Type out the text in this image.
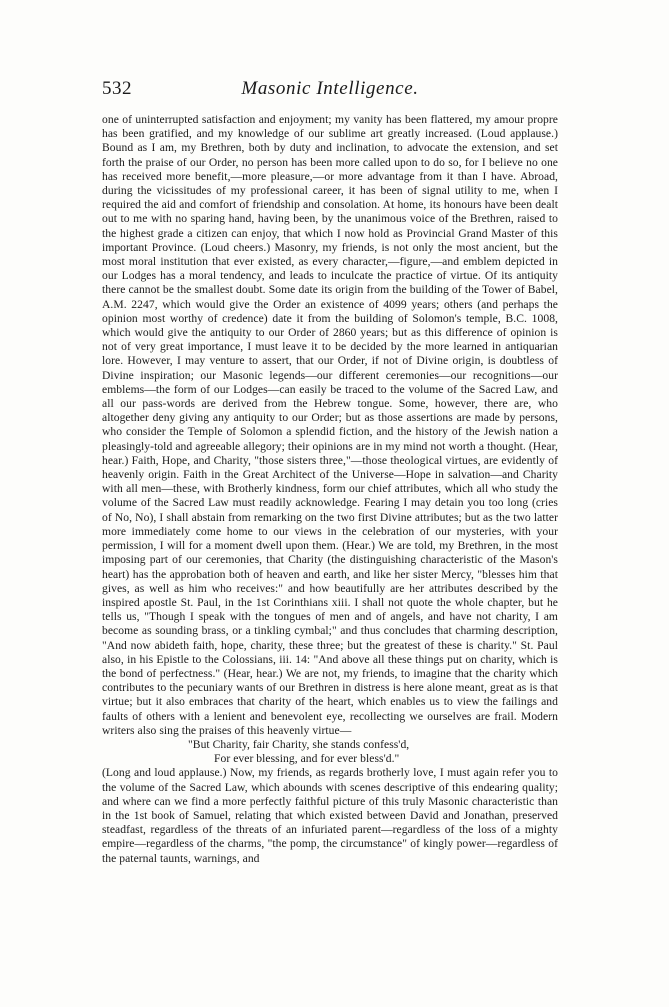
532	Masonic Intelligence.

one of uninterrupted satisfaction and enjoyment; my vanity has been flattered, my amour propre has been gratified, and my knowledge of our sublime art greatly increased. (Loud applause.) Bound as I am, my Brethren, both by duty and inclination, to advocate the extension, and set forth the praise of our Order, no person has been more called upon to do so, for I believe no one has received more benefit,—more pleasure,—or more advantage from it than I have. Abroad, during the vicissitudes of my professional career, it has been of signal utility to me, when I required the aid and comfort of friendship and consolation. At home, its honours have been dealt out to me with no sparing hand, having been, by the unanimous voice of the Brethren, raised to the highest grade a citizen can enjoy, that which I now hold as Provincial Grand Master of this important Province. (Loud cheers.) Masonry, my friends, is not only the most ancient, but the most moral institution that ever existed, as every character,—figure,—and emblem depicted in our Lodges has a moral tendency, and leads to inculcate the practice of virtue. Of its antiquity there cannot be the smallest doubt. Some date its origin from the building of the Tower of Babel, A.M. 2247, which would give the Order an existence of 4099 years; others (and perhaps the opinion most worthy of credence) date it from the building of Solomon's temple, B.C. 1008, which would give the antiquity to our Order of 2860 years; but as this difference of opinion is not of very great importance, I must leave it to be decided by the more learned in antiquarian lore. However, I may venture to assert, that our Order, if not of Divine origin, is doubtless of Divine inspiration; our Masonic legends—our different ceremonies—our recognitions—our emblems—the form of our Lodges—can easily be traced to the volume of the Sacred Law, and all our pass-words are derived from the Hebrew tongue. Some, however, there are, who altogether deny giving any antiquity to our Order; but as those assertions are made by persons, who consider the Temple of Solomon a splendid fiction, and the history of the Jewish nation a pleasingly-told and agreeable allegory; their opinions are in my mind not worth a thought. (Hear, hear.) Faith, Hope, and Charity, "those sisters three,"—those theological virtues, are evidently of heavenly origin. Faith in the Great Architect of the Universe—Hope in salvation—and Charity with all men—these, with Brotherly kindness, form our chief attributes, which all who study the volume of the Sacred Law must readily acknowledge. Fearing I may detain you too long (cries of No, No), I shall abstain from remarking on the two first Divine attributes; but as the two latter more immediately come home to our views in the celebration of our mysteries, with your permission, I will for a moment dwell upon them. (Hear.) We are told, my Brethren, in the most imposing part of our ceremonies, that Charity (the distinguishing characteristic of the Mason's heart) has the approbation both of heaven and earth, and like her sister Mercy, "blesses him that gives, as well as him who receives:" and how beautifully are her attributes described by the inspired apostle St. Paul, in the 1st Corinthians xiii. I shall not quote the whole chapter, but he tells us, "Though I speak with the tongues of men and of angels, and have not charity, I am become as sounding brass, or a tinkling cymbal;" and thus concludes that charming description, "And now abideth faith, hope, charity, these three; but the greatest of these is charity." St. Paul also, in his Epistle to the Colossians, iii. 14: "And above all these things put on charity, which is the bond of perfectness." (Hear, hear.) We are not, my friends, to imagine that the charity which contributes to the pecuniary wants of our Brethren in distress is here alone meant, great as is that virtue; but it also embraces that charity of the heart, which enables us to view the failings and faults of others with a lenient and benevolent eye, recollecting we ourselves are frail. Modern writers also sing the praises of this heavenly virtue—

"But Charity, fair Charity, she stands confess'd,

For ever blessing, and for ever bless'd."

(Long and loud applause.) Now, my friends, as regards brotherly love, I must again refer you to the volume of the Sacred Law, which abounds with scenes descriptive of this endearing quality; and where can we find a more perfectly faithful picture of this truly Masonic characteristic than in the 1st book of Samuel, relating that which existed between David and Jonathan, preserved steadfast, regardless of the threats of an infuriated parent—regardless of the loss of a mighty empire—regardless of the charms, "the pomp, the circumstance" of kingly power—regardless of the paternal taunts, warnings, and
